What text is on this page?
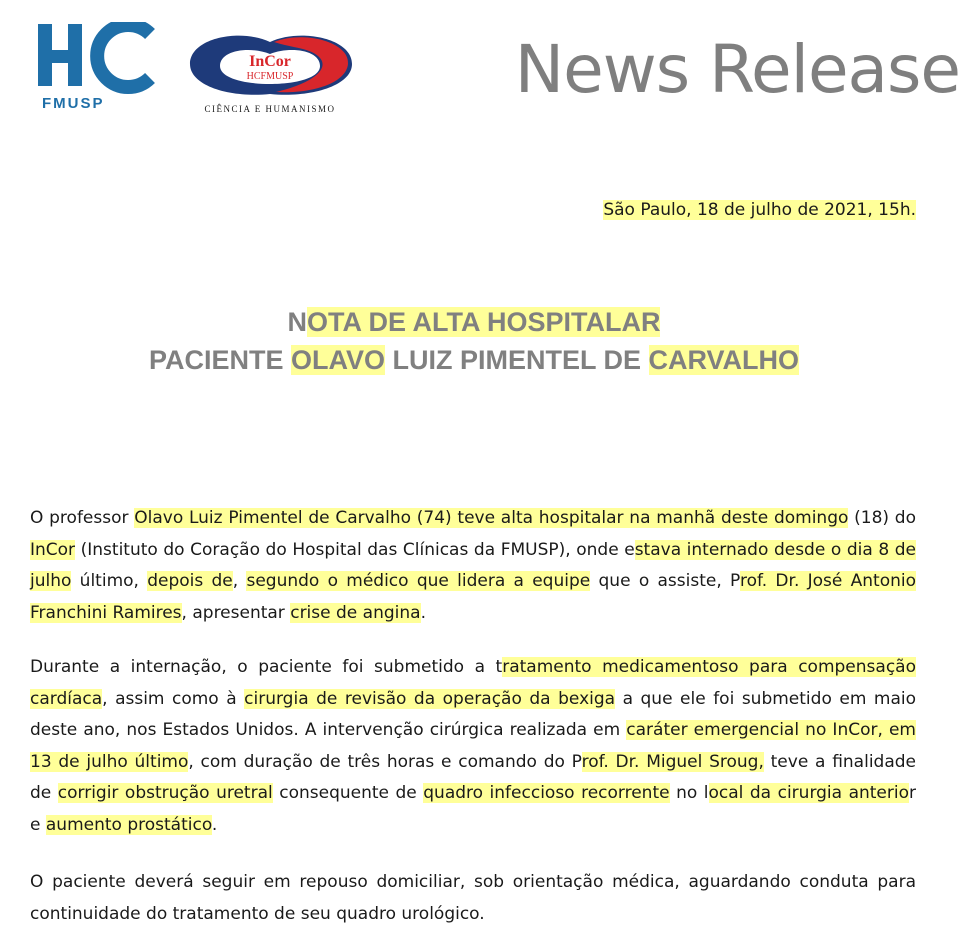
FMUSP
InCor
HCFMUSP
CIÊNCIA E HUMANISMO
News Release
São Paulo, 18 de julho de 2021, 15h.
NOTA DE ALTA HOSPITALAR
PACIENTE OLAVO LUIZ PIMENTEL DE CARVALHO
O professor Olavo Luiz Pimentel de Carvalho (74) teve alta hospitalar na manhã deste domingo (18) do InCor (Instituto do Coração do Hospital das Clínicas da FMUSP), onde estava internado desde o dia 8 de julho último, depois de, segundo o médico que lidera a equipe que o assiste, Prof. Dr. José Antonio Franchini Ramires, apresentar crise de angina.
Durante a internação, o paciente foi submetido a tratamento medicamentoso para compensação cardíaca, assim como à cirurgia de revisão da operação da bexiga a que ele foi submetido em maio deste ano, nos Estados Unidos. A intervenção cirúrgica realizada em caráter emergencial no InCor, em 13 de julho último, com duração de três horas e comando do Prof. Dr. Miguel Sroug, teve a finalidade de corrigir obstrução uretral consequente de quadro infeccioso recorrente no local da cirurgia anterior e aumento prostático.
O paciente deverá seguir em repouso domiciliar, sob orientação médica, aguardando conduta para continuidade do tratamento de seu quadro urológico.
